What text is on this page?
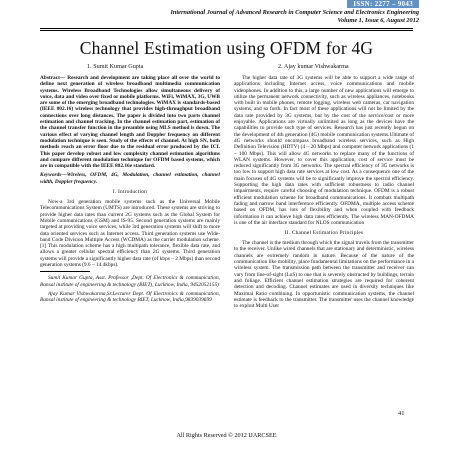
ISSN: 2277 – 9043
International Journal of Advanced Research in Computer Science and Electronics Engineering
Volume 1, Issue 6, August 2012
Channel Estimation using OFDM for 4G
1. Sumit Kumar Gupta	2. Ajay kumar Vishwakarma

Abstract— Research and development are taking place all over the world to define next generation of wireless broadband multimedia communication systems. Wireless Broadband Technologies allow simultaneous delivery of voice, data and video over fixed or mobile platforms. WiFi, WiMAX, 3G, UWB are some of the emerging broadband technologies. WiMAX is standards-based (IEEE 802.16) wireless technology that provides high-throughput broadband connections over long distances. The paper is divided into two parts channel estimation and channel tracking. In the channel estimation part, estimation of the channel transfer function in the preamble using MLS method is down. The various effect of varying channel length and Doppler frequency on different modulation technique is seen. Study of the effects of channel. At high SN, both methods reach an error floor due to the residual error produced by the ICI. This paper develop robust and low complexity channel estimation algorithms and compare different modulation technique for OFDM based systems, which are in compatible with the IEEE 802.16e standard.

Keywords—Wireless, OFDM, 4G, Modulation, channel estimation, channel width, Doppler frequency.

I. Introduction

Now-a 3rd generation mobile systems such as the Universal Mobile Telecommunications System (UMTS) are introduced. These systems are striving to provide higher data rates than current 2G systems such as the Global System for Mobile communications (GSM) and IS-95. Second generation systems are mainly targeted at providing voice services, while 3rd generation systems will shift to more data oriented services such as Internet access. Third generation systems use Wide-band Code Division Multiple Access (WCDMA) as the carrier modulation scheme.[1] This modulation scheme has a high multipath tolerance, flexible data rate, and allows a greater cellular spectral efficiency than 2G systems. Third generation systems will provide a significantly higher data rate (of kbps – 2 Mbps) than second generation systems (9.6 – 14.4kbps).

Sumit Kumar Gupta, Asst. Professor ,Dept. Of Electronics & communication, Bansal institute of engineering & technology (BIET), Lucknow, India, 9452052155)

Ajay Kumar Vishwakarma,Sr.Lecturer Dept. Of Electronics & communication, Bansal institute of engineering & technology BIET, Lucknow, India,9839039699

The higher data rate of 3G systems will be able to support a wide range of applications including Internet access, voice communications and mobile videophones. In addition to this, a large number of new applications will emerge to utilize the permanent network connectivity, such as wireless appliances, notebooks with built in mobile phones, remote logging, wireless web cameras, car navigation systems, and so forth. In fact most of these applications will not be limited by the data rate provided by 3G systems, but by the cost of the service/cost or more enjoyable. Applications are virtually unlimited as long as the devices have the capabilities to provide such type of services. Research has just recently begun on the development of 4th generation (4G) mobile communication systems.Ultimate of 4G networks should encompass broadband wireless services, such as High Definition Television (HDTV) (4 – 20 Mbps) and computer network applications (1 – 100 Mbps). This will allow 4G networks to replace many of the functions of WLAN systems. However, to cover this application, cost of service must be reduced significantly from 3G networks. The spectral efficiency of 3G networks is too low to support high data rate services at low cost. As a consequence one of the main focuses of 4G systems will be to significantly improve the spectral efficiency. Supporting the high data rates with sufficient robustness to radio channel impairments, require careful choosing of modulation technique. OFDM is a robust efficient modulation scheme for broadband communications. It combats multipath fading and narrow band interference efficiently. OFDMA, multiple access scheme based on OFDM, has lots of flexibility and when coupled with feedback information it can achieve high data rates efficiently. The wireless MAN-OFDMA is one of the air interface standard for NLOS communication

II. Channel Estimation Principles

The channel is the medium through which the signal travels from the transmitter to the receiver. Unlike wired channels that are stationary and deterministic, wireless channels are extremely random in nature. Because of the nature of the communication like mobility, place fundamental limitations on the performance in a wireless system. The transmission path between the transmitter and receiver can vary from line-of-sight (LoS) to one that is severely obstructed by buildings, terrain and foliage. Efficient channel estimation strategies are required for coherent detection and decoding. Channel estimates are used in diversity techniques like Maximal Ratio combining. In opportunistic communication systems, the channel estimate is feedback to the transmitter. The transmitter uses the channel knowledge to exploit Multi User

41
All Rights Reserved © 2012 IJARCSEE
